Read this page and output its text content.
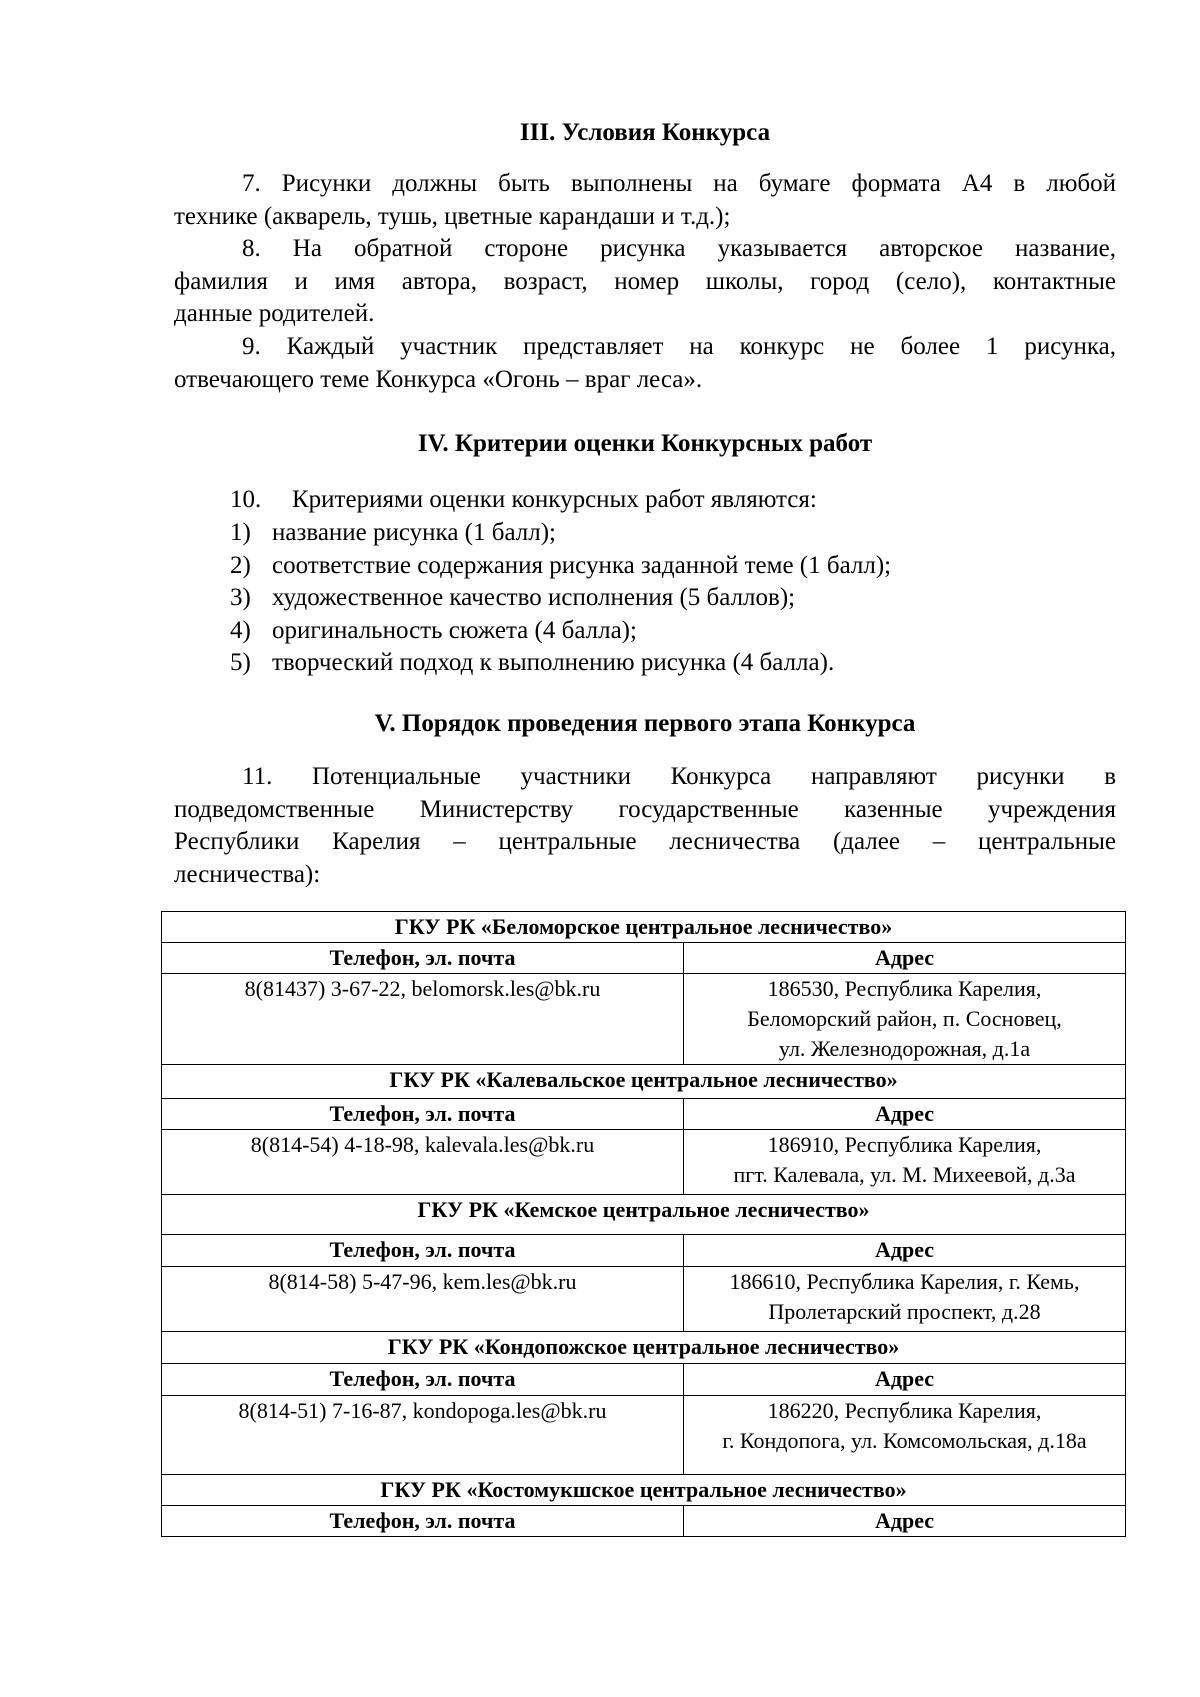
III. Условия Конкурса
7. Рисунки должны быть выполнены на бумаге формата А4 в любой
технике (акварель, тушь, цветные карандаши и т.д.);
8. На обратной стороне рисунка указывается авторское название,
фамилия и имя автора, возраст, номер школы, город (село), контактные
данные родителей.
9. Каждый участник представляет на конкурс не более 1 рисунка,
отвечающего теме Конкурса «Огонь – враг леса».
IV. Критерии оценки Конкурсных работ

10. Критериями оценки конкурсных работ являются:

1) название рисунка (1 балл);

2) соответствие содержания рисунка заданной теме (1 балл);

3) художественное качество исполнения (5 баллов);

4) оригинальность сюжета (4 балла);

5) творческий подход к выполнению рисунка (4 балла).

V. Порядок проведения первого этапа Конкурса
11. Потенциальные участники Конкурса направляют рисунки в
подведомственные Министерству государственные казенные учреждения
Республики Карелия – центральные лесничества (далее – центральные
лесничества):
ГКУ РК «Беломорское центральное лесничество»	
Телефон, эл. почта	Адрес
8(81437) 3-67-22, belomorsk.les@bk.ru	186530, Республика Карелия,
Беломорский район, п. Сосновец,
ул. Железнодорожная, д.1а

ГКУ РК «Калевальское центральное лесничество»	
Телефон, эл. почта	Адрес
8(814-54) 4-18-98, kalevala.les@bk.ru	186910, Республика Карелия,
пгт. Калевала, ул. М. Михеевой, д.3а

ГКУ РК «Кемское центральное лесничество»	
Телефон, эл. почта	Адрес
8(814-58) 5-47-96, kem.les@bk.ru	186610, Республика Карелия, г. Кемь,
Пролетарский проспект, д.28

ГКУ РК «Кондопожское центральное лесничество»	
Телефон, эл. почта	Адрес
8(814-51) 7-16-87, kondopoga.les@bk.ru	186220, Республика Карелия,
г. Кондопога, ул. Комсомольская, д.18а

ГКУ РК «Костомукшское центральное лесничество»	
Телефон, эл. почта	Адрес
